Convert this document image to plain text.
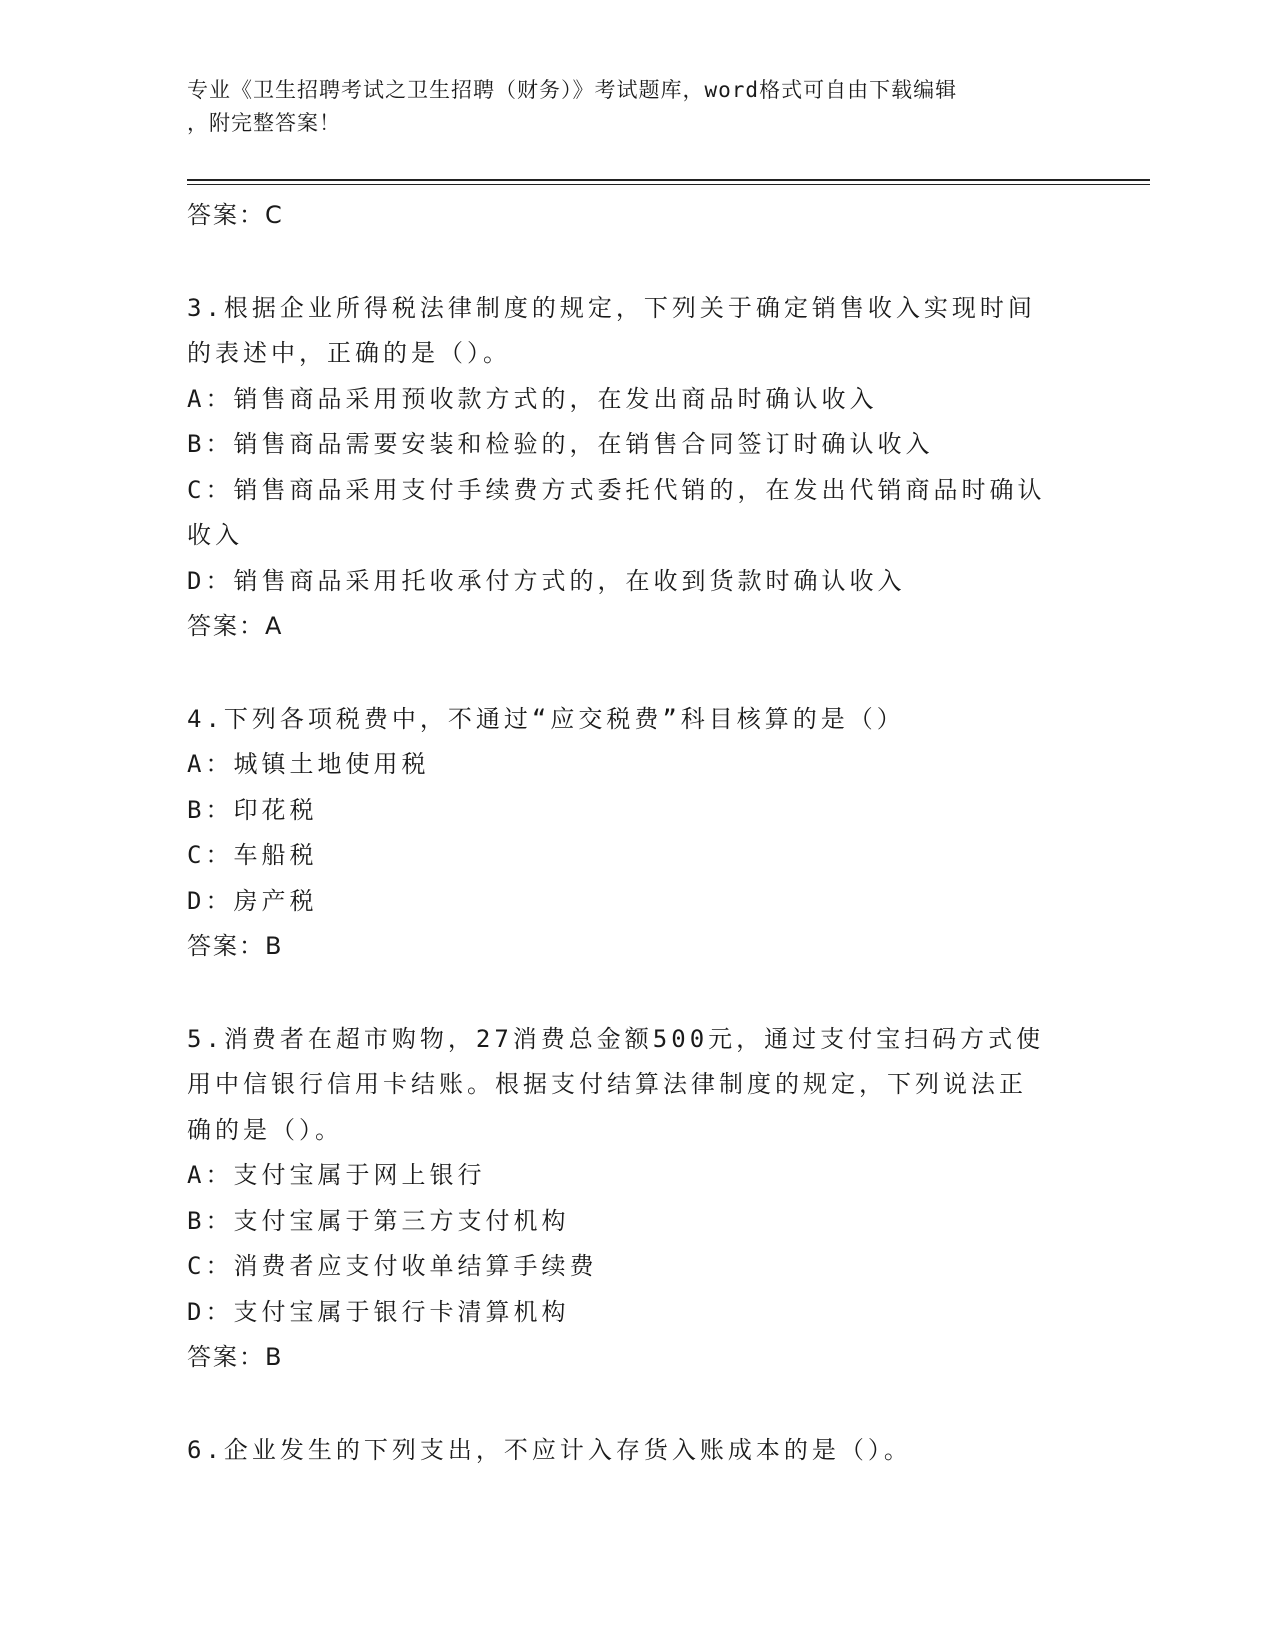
专业《卫生招聘考试之卫生招聘（财务）》考试题库，word格式可自由下载编辑
，附完整答案！

答案：C

3.根据企业所得税法律制度的规定，下列关于确定销售收入实现时间

的表述中，正确的是（）。

A：销售商品采用预收款方式的，在发出商品时确认收入

B：销售商品需要安装和检验的，在销售合同签订时确认收入

C：销售商品采用支付手续费方式委托代销的，在发出代销商品时确认

收入

D：销售商品采用托收承付方式的，在收到货款时确认收入

答案：A

4.下列各项税费中，不通过“应交税费”科目核算的是（）

A：城镇土地使用税

B：印花税

C：车船税

D：房产税

答案：B

5.消费者在超市购物，27消费总金额500元，通过支付宝扫码方式使

用中信银行信用卡结账。根据支付结算法律制度的规定，下列说法正

确的是（）。

A：支付宝属于网上银行

B：支付宝属于第三方支付机构

C：消费者应支付收单结算手续费

D：支付宝属于银行卡清算机构

答案：B

6.企业发生的下列支出，不应计入存货入账成本的是（）。
